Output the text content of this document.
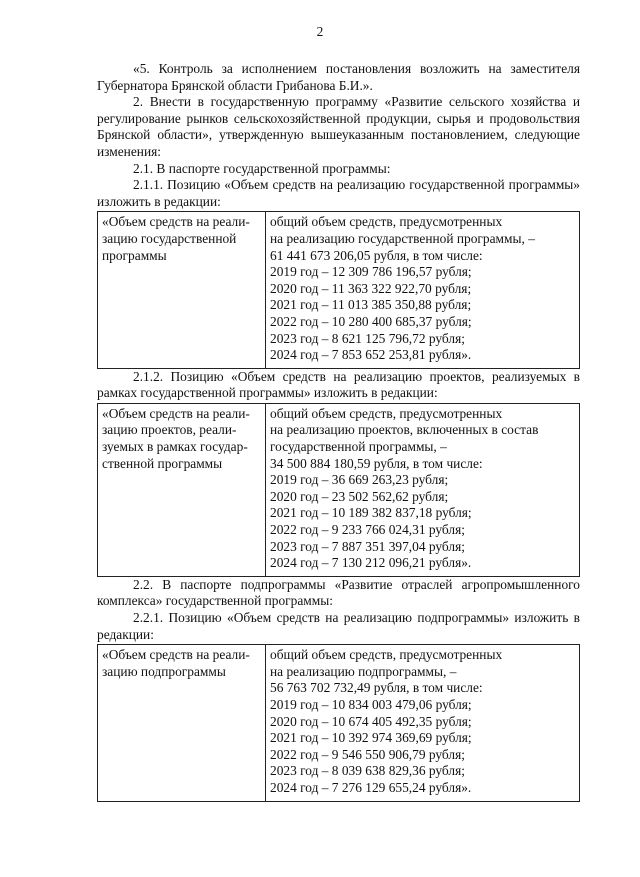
2

«5. Контроль за исполнением постановления возложить на заместителя Губернатора Брянской области Грибанова Б.И.».

2. Внести в государственную программу «Развитие сельского хозяйства и регулирование рынков сельскохозяйственной продукции, сырья и продовольствия Брянской области», утвержденную вышеуказанным постановлением, следующие изменения:

2.1. В паспорте государственной программы:

2.1.1. Позицию «Объем средств на реализацию государственной программы» изложить в редакции:

«Объем средств на реали-
зацию государственной
программы

общий объем средств, предусмотренных
на реализацию государственной программы, –
61 441 673 206,05 рубля, в том числе:
2019 год – 12 309 786 196,57 рубля;
2020 год – 11 363 322 922,70 рубля;
2021 год – 11 013 385 350,88 рубля;
2022 год – 10 280 400 685,37 рубля;
2023 год – 8 621 125 796,72 рубля;
2024 год – 7 853 652 253,81 рубля».

2.1.2. Позицию «Объем средств на реализацию проектов, реализуемых в рамках государственной программы» изложить в редакции:

«Объем средств на реали-
зацию проектов, реали-
зуемых в рамках государ-
ственной программы

общий объем средств, предусмотренных
на реализацию проектов, включенных в состав
государственной программы, –
34 500 884 180,59 рубля, в том числе:
2019 год – 36 669 263,23 рубля;
2020 год – 23 502 562,62 рубля;
2021 год – 10 189 382 837,18 рубля;
2022 год – 9 233 766 024,31 рубля;
2023 год – 7 887 351 397,04 рубля;
2024 год – 7 130 212 096,21 рубля».

2.2. В паспорте подпрограммы «Развитие отраслей агропромышленного комплекса» государственной программы:

2.2.1. Позицию «Объем средств на реализацию подпрограммы» изложить в редакции:

«Объем средств на реали-
зацию подпрограммы

общий объем средств, предусмотренных
на реализацию подпрограммы, –
56 763 702 732,49 рубля, в том числе:
2019 год – 10 834 003 479,06 рубля;
2020 год – 10 674 405 492,35 рубля;
2021 год – 10 392 974 369,69 рубля;
2022 год – 9 546 550 906,79 рубля;
2023 год – 8 039 638 829,36 рубля;
2024 год – 7 276 129 655,24 рубля».
